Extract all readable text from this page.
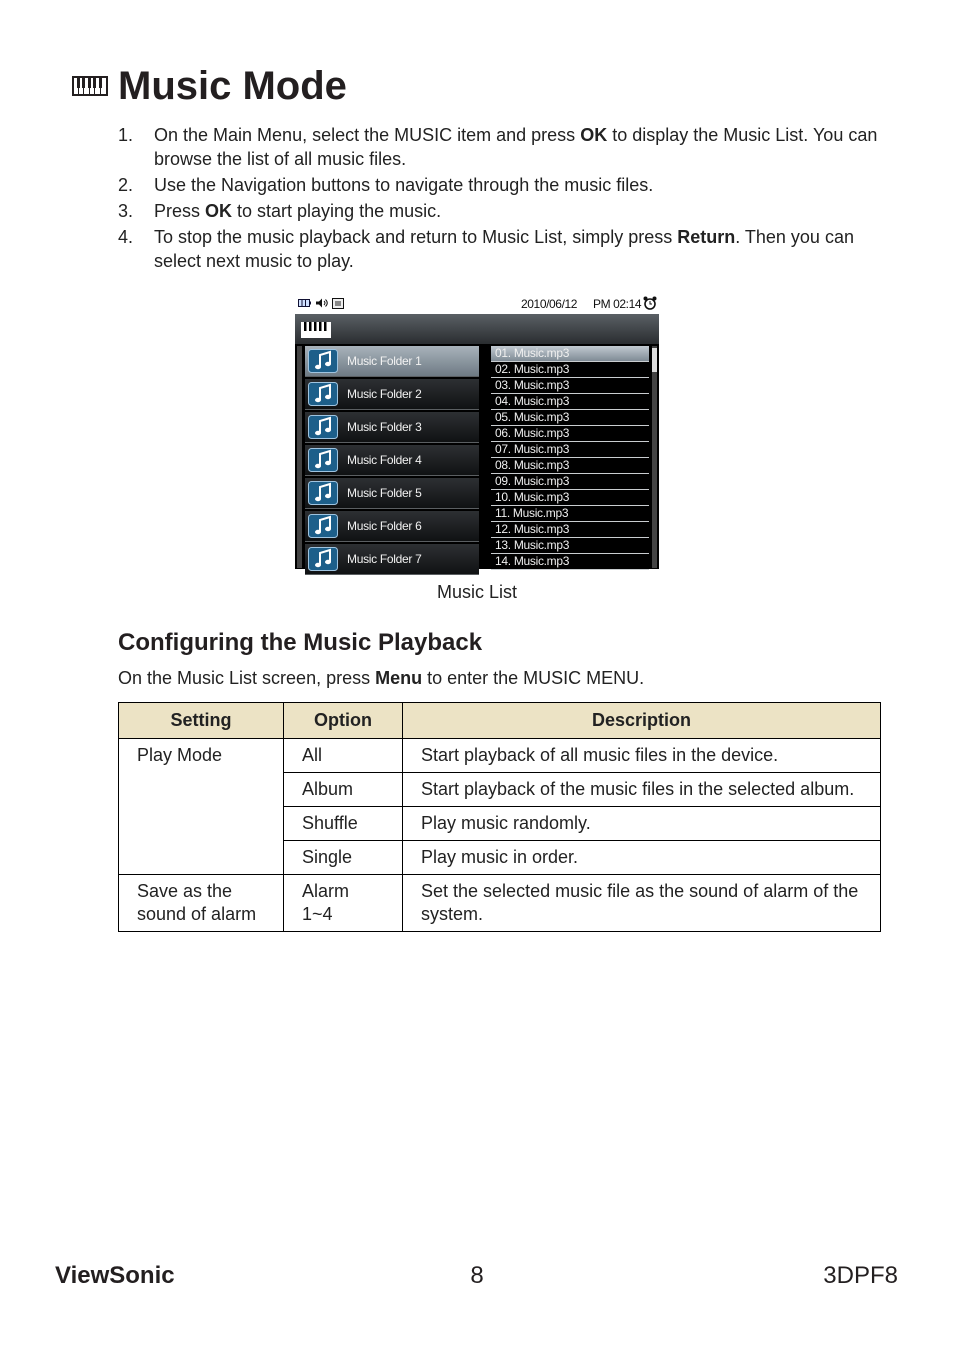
Music Mode
1. On the Main Menu, select the MUSIC item and press OK to display the Music List. You can browse the list of all music files.
2. Use the Navigation buttons to navigate through the music files.
3. Press OK to start playing the music.
4. To stop the music playback and return to Music List, simply press Return. Then you can select next music to play.
2010/06/12 PM 02:14
Music Folder 1
Music Folder 2
Music Folder 3
Music Folder 4
Music Folder 5
Music Folder 6
Music Folder 7
01. Music.mp3
02. Music.mp3
03. Music.mp3
04. Music.mp3
05. Music.mp3
06. Music.mp3
07. Music.mp3
08. Music.mp3
09. Music.mp3
10. Music.mp3
11. Music.mp3
12. Music.mp3
13. Music.mp3
14. Music.mp3
Music List
Configuring the Music Playback
On the Music List screen, press Menu to enter the MUSIC MENU.
Setting	Option	Description
Play Mode	All	Start playback of all music files in the device.
	Album	Start playback of the music files in the selected album.
	Shuffle	Play music randomly.
	Single	Play music in order.
Save as the sound of alarm	Alarm 1~4	Set the selected music file as the sound of alarm of the system.
ViewSonic	8	3DPF8
